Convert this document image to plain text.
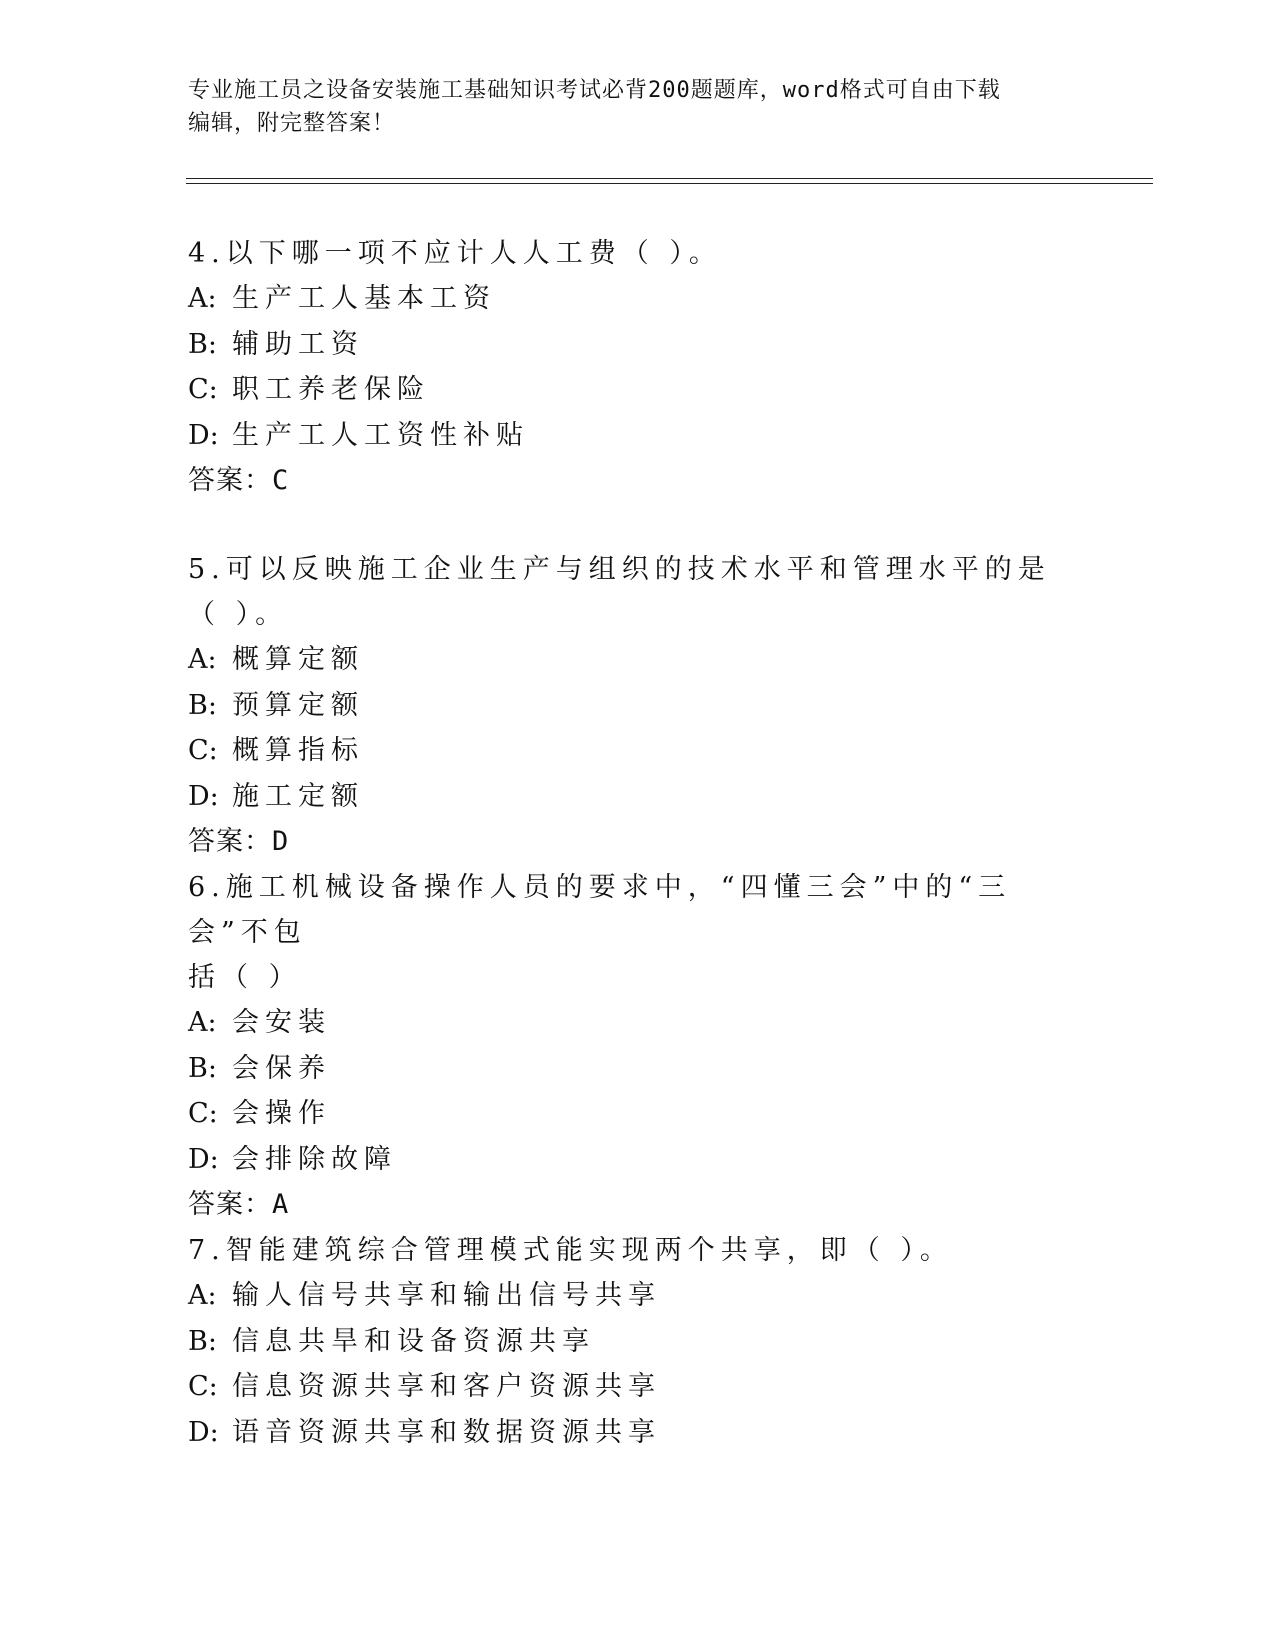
专业施工员之设备安装施工基础知识考试必背200题题库，word格式可自由下载
编辑，附完整答案！
4.以下哪一项不应计人人工费（ ）。
A: 生产工人基本工资
B: 辅助工资
C: 职工养老保险
D: 生产工人工资性补贴
答案：C
5.可以反映施工企业生产与组织的技术水平和管理水平的是（ ）。
A: 概算定额
B: 预算定额
C: 概算指标
D: 施工定额
答案：D
6.施工机械设备操作人员的要求中，“四懂三会”中的“三会”不包
括（ ）
A: 会安装
B: 会保养
C: 会操作
D: 会排除故障
答案：A
7.智能建筑综合管理模式能实现两个共享，即（ ）。
A: 输人信号共享和输出信号共享
B: 信息共旱和设备资源共享
C: 信息资源共享和客户资源共享
D: 语音资源共享和数据资源共享
